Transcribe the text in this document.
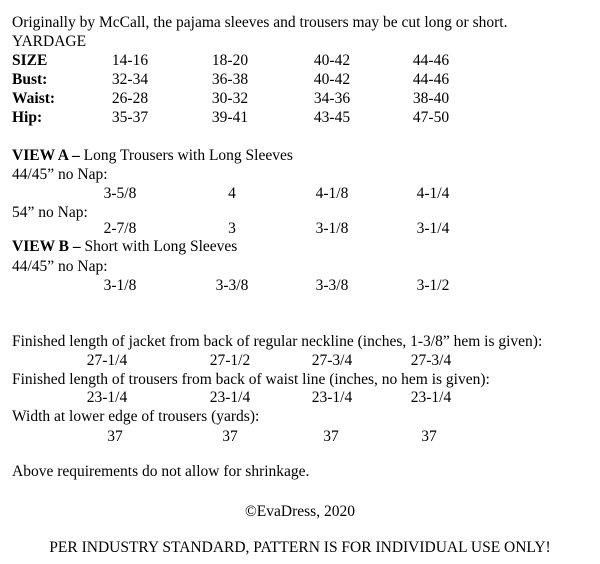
Originally by McCall, the pajama sleeves and trousers may be cut long or short.
YARDAGE
SIZE	14-16	18-20	40-42	44-46
Bust:	32-34	36-38	40-42	44-46
Waist:	26-28	30-32	34-36	38-40
Hip:	35-37	39-41	43-45	47-50
VIEW A – Long Trousers with Long Sleeves
44/45” no Nap:
3-5/8	4	4-1/8	4-1/4
54” no Nap:
2-7/8	3	3-1/8	3-1/4
VIEW B – Short with Long Sleeves
44/45” no Nap:
3-1/8	3-3/8	3-3/8	3-1/2
Finished length of jacket from back of regular neckline (inches, 1-3/8” hem is given):
27-1/4	27-1/2	27-3/4	27-3/4
Finished length of trousers from back of waist line (inches, no hem is given):
23-1/4	23-1/4	23-1/4	23-1/4
Width at lower edge of trousers (yards):
37	37	37	37
Above requirements do not allow for shrinkage.
©EvaDress, 2020
PER INDUSTRY STANDARD, PATTERN IS FOR INDIVIDUAL USE ONLY!
